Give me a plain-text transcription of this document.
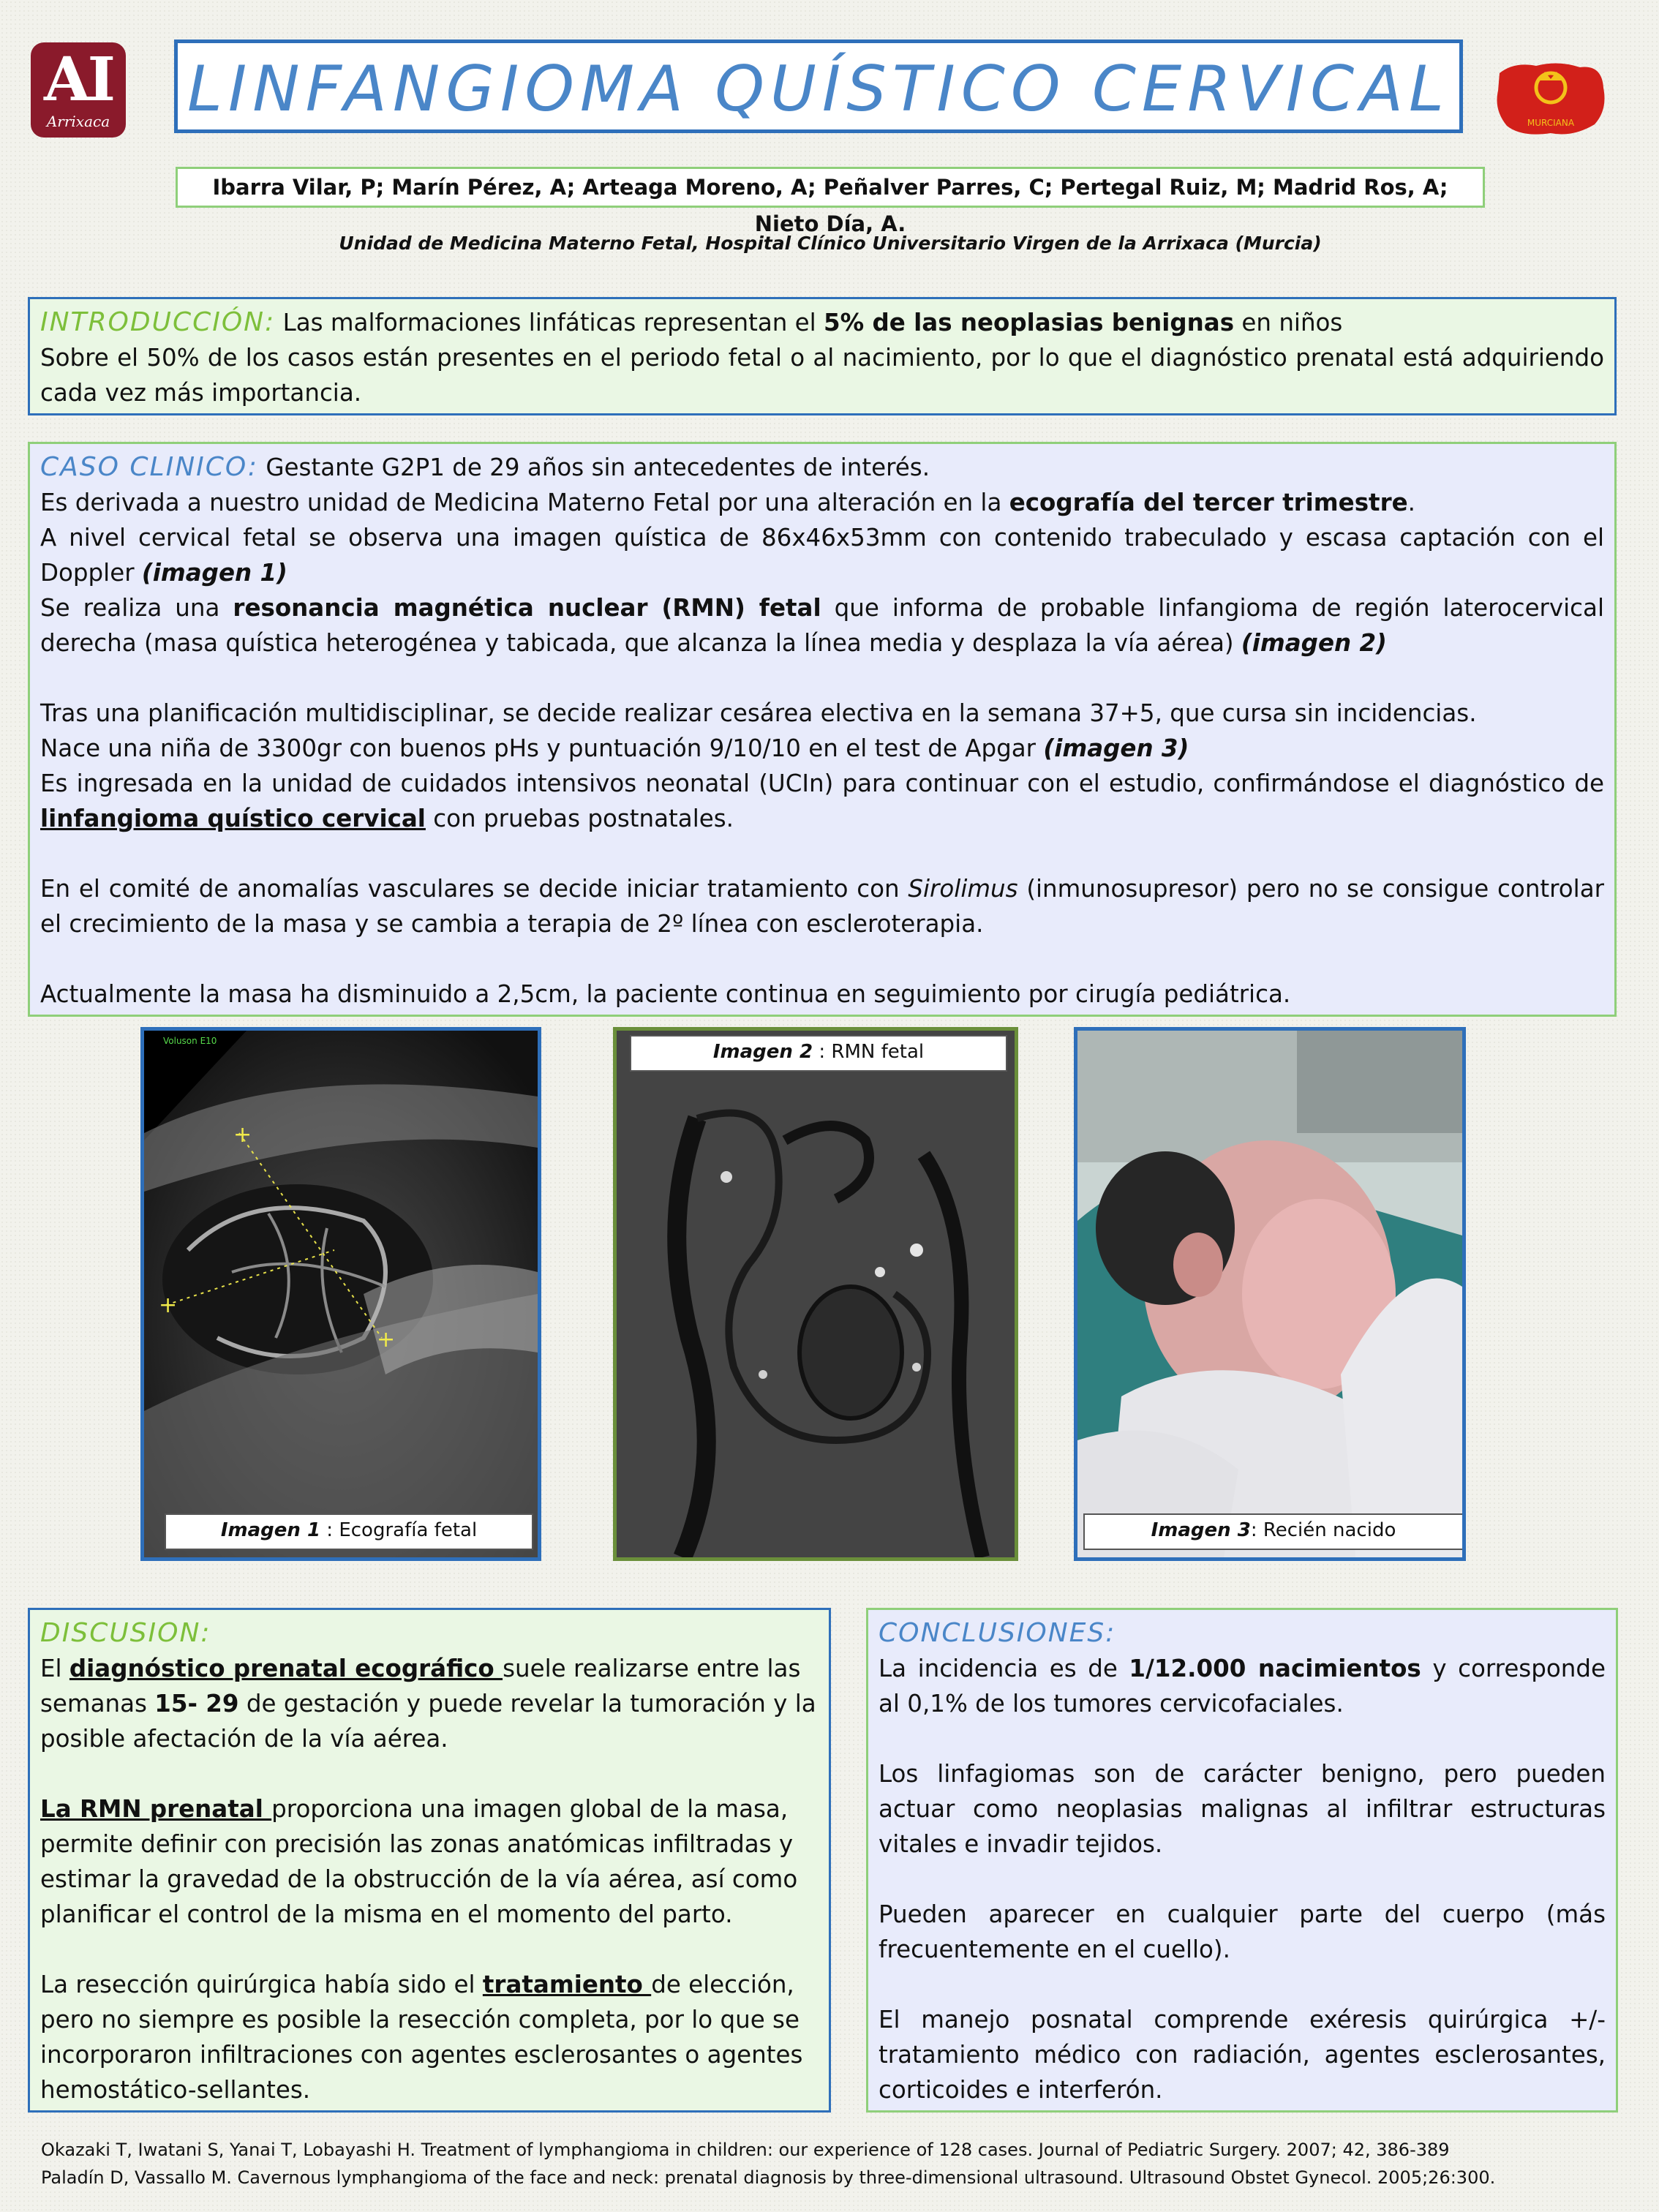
AI
Arrixaca LINFANGIOMA QUÍSTICO CERVICAL	MURCIANA
Ibarra Vilar, P; Marín Pérez, A; Arteaga Moreno, A; Peñalver Parres, C; Pertegal Ruiz, M; Madrid Ros, A; Nieto Día, A.
Unidad de Medicina Materno Fetal, Hospital Clínico Universitario Virgen de la Arrixaca (Murcia)

INTRODUCCIÓN: Las malformaciones linfáticas representan el 5% de las neoplasias benignas en niños

Sobre el 50% de los casos están presentes en el periodo fetal o al nacimiento, por lo que el diagnóstico prenatal está adquiriendo cada vez más importancia.

CASO CLINICO: Gestante G2P1 de 29 años sin antecedentes de interés.

Es derivada a nuestro unidad de Medicina Materno Fetal por una alteración en la ecografía del tercer trimestre.

A nivel cervical fetal se observa una imagen quística de 86x46x53mm con contenido trabeculado y escasa captación con el Doppler (imagen 1)

Se realiza una resonancia magnética nuclear (RMN) fetal que informa de probable linfangioma de región laterocervical derecha (masa quística heterogénea y tabicada, que alcanza la línea media y desplaza la vía aérea) (imagen 2)

Tras una planificación multidisciplinar, se decide realizar cesárea electiva en la semana 37+5, que cursa sin incidencias.

Nace una niña de 3300gr con buenos pHs y puntuación 9/10/10 en el test de Apgar (imagen 3)

Es ingresada en la unidad de cuidados intensivos neonatal (UCIn) para continuar con el estudio, confirmándose el diagnóstico de linfangioma quístico cervical con pruebas postnatales.

En el comité de anomalías vasculares se decide iniciar tratamiento con Sirolimus (inmunosupresor) pero no se consigue controlar el crecimiento de la masa y se cambia a terapia de 2º línea con escleroterapia.

Actualmente la masa ha disminuido a 2,5cm, la paciente continua en seguimiento por cirugía pediátrica.

+
+
+
Voluson E10
Imagen 1 : Ecografía fetal
Imagen 2 : RMN fetal
Imagen 3: Recién nacido
DISCUSION:

El diagnóstico prenatal ecográfico suele realizarse entre las semanas 15- 29 de gestación y puede revelar la tumoración y la posible afectación de la vía aérea.

La RMN prenatal proporciona una imagen global de la masa, permite definir con precisión las zonas anatómicas infiltradas y estimar la gravedad de la obstrucción de la vía aérea, así como planificar el control de la misma en el momento del parto.

La resección quirúrgica había sido el tratamiento de elección, pero no siempre es posible la resección completa, por lo que se incorporaron infiltraciones con agentes esclerosantes o agentes hemostático-sellantes.

CONCLUSIONES:

La incidencia es de 1/12.000 nacimientos y corresponde al 0,1% de los tumores cervicofaciales.

Los linfagiomas son de carácter benigno, pero pueden actuar como neoplasias malignas al infiltrar estructuras vitales e invadir tejidos.

Pueden aparecer en cualquier parte del cuerpo (más frecuentemente en el cuello).

El manejo posnatal comprende exéresis quirúrgica +/- tratamiento médico con radiación, agentes esclerosantes, corticoides e interferón.

Okazaki T, Iwatani S, Yanai T, Lobayashi H. Treatment of lymphangioma in children: our experience of 128 cases. Journal of Pediatric Surgery. 2007; 42, 386-389
Paladín D, Vassallo M. Cavernous lymphangioma of the face and neck: prenatal diagnosis by three-dimensional ultrasound. Ultrasound Obstet Gynecol. 2005;26:300.
